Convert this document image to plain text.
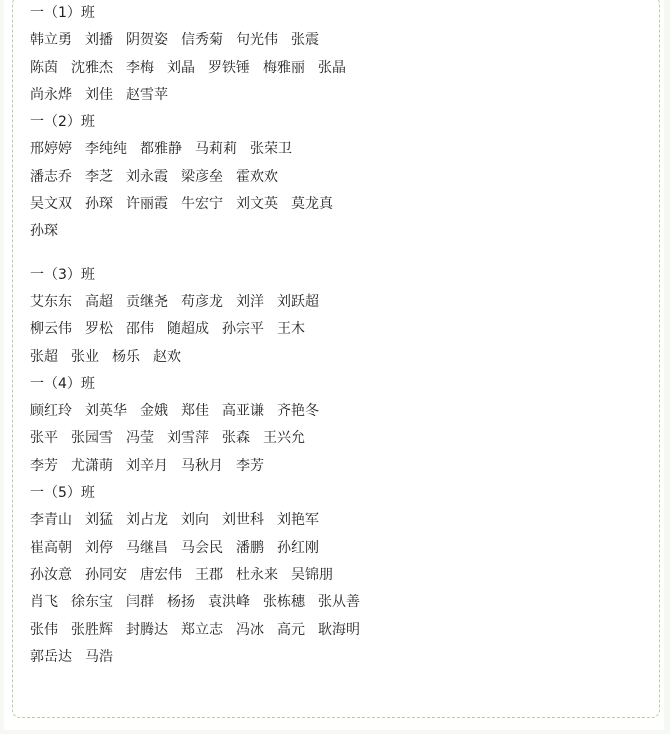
一（1）班
韩立勇 刘播 阴贺姿 信秀菊 句光伟 张震
陈茵 沈雅杰 李梅 刘晶 罗铁锤 梅雅丽 张晶
尚永烨 刘佳 赵雪苹
一（2）班
邢婷婷 李纯纯 都雅静 马莉莉 张荣卫
潘志乔 李芝 刘永霞 梁彦垒 霍欢欢
吴文双 孙琛 许丽霞 牛宏宁 刘文英 莫龙真
孙琛
一（3）班
艾东东 高超 贡继尧 苟彦龙 刘洋 刘跃超
柳云伟 罗松 邵伟 随超成 孙宗平 王木
张超 张业 杨乐 赵欢
一（4）班
顾红玲 刘英华 金娥 郑佳 高亚谦 齐艳冬
张平 张园雪 冯莹 刘雪萍 张森 王兴允
李芳 尤潇萌 刘辛月 马秋月 李芳
一（5）班
李青山 刘猛 刘占龙 刘向 刘世科 刘艳军
崔高朝 刘停 马继昌 马会民 潘鹏 孙红刚
孙汝意 孙同安 唐宏伟 王郡 杜永来 吴锦朋
肖飞 徐东宝 闫群 杨扬 袁洪峰 张栋穗 张从善
张伟 张胜辉 封腾达 郑立志 冯冰 高元 耿海明
郭岳达 马浩
